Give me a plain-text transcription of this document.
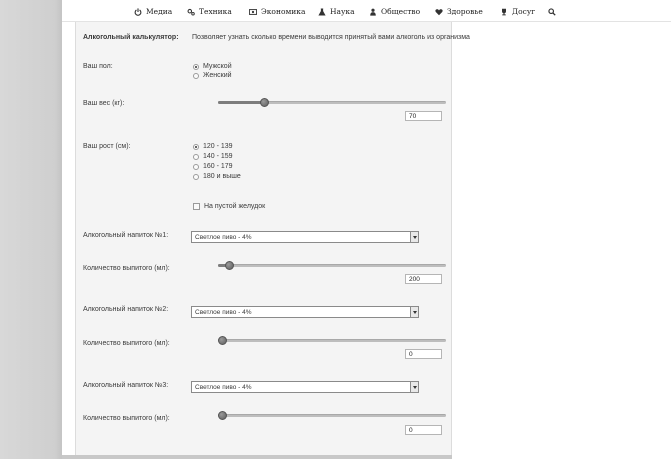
Медиа	Техника	Экономика	Наука	Общество	Здоровье	Досуг
Алкогольный калькулятор: Позволяет узнать сколько времени выводится принятый вами алкоголь из организма
Ваш пол:	Мужской
Женский
Ваш вес (кг):
70
Ваш рост (см):	120 - 139
140 - 159
160 - 179
180 и выше
На пустой желудок
Алкогольный напиток №1:	Светлое пиво - 4%
Количество выпитого (мл):
200
Алкогольный напиток №2:	Светлое пиво - 4%
Количество выпитого (мл):
0
Алкогольный напиток №3:	Светлое пиво - 4%
Количество выпитого (мл):
0
